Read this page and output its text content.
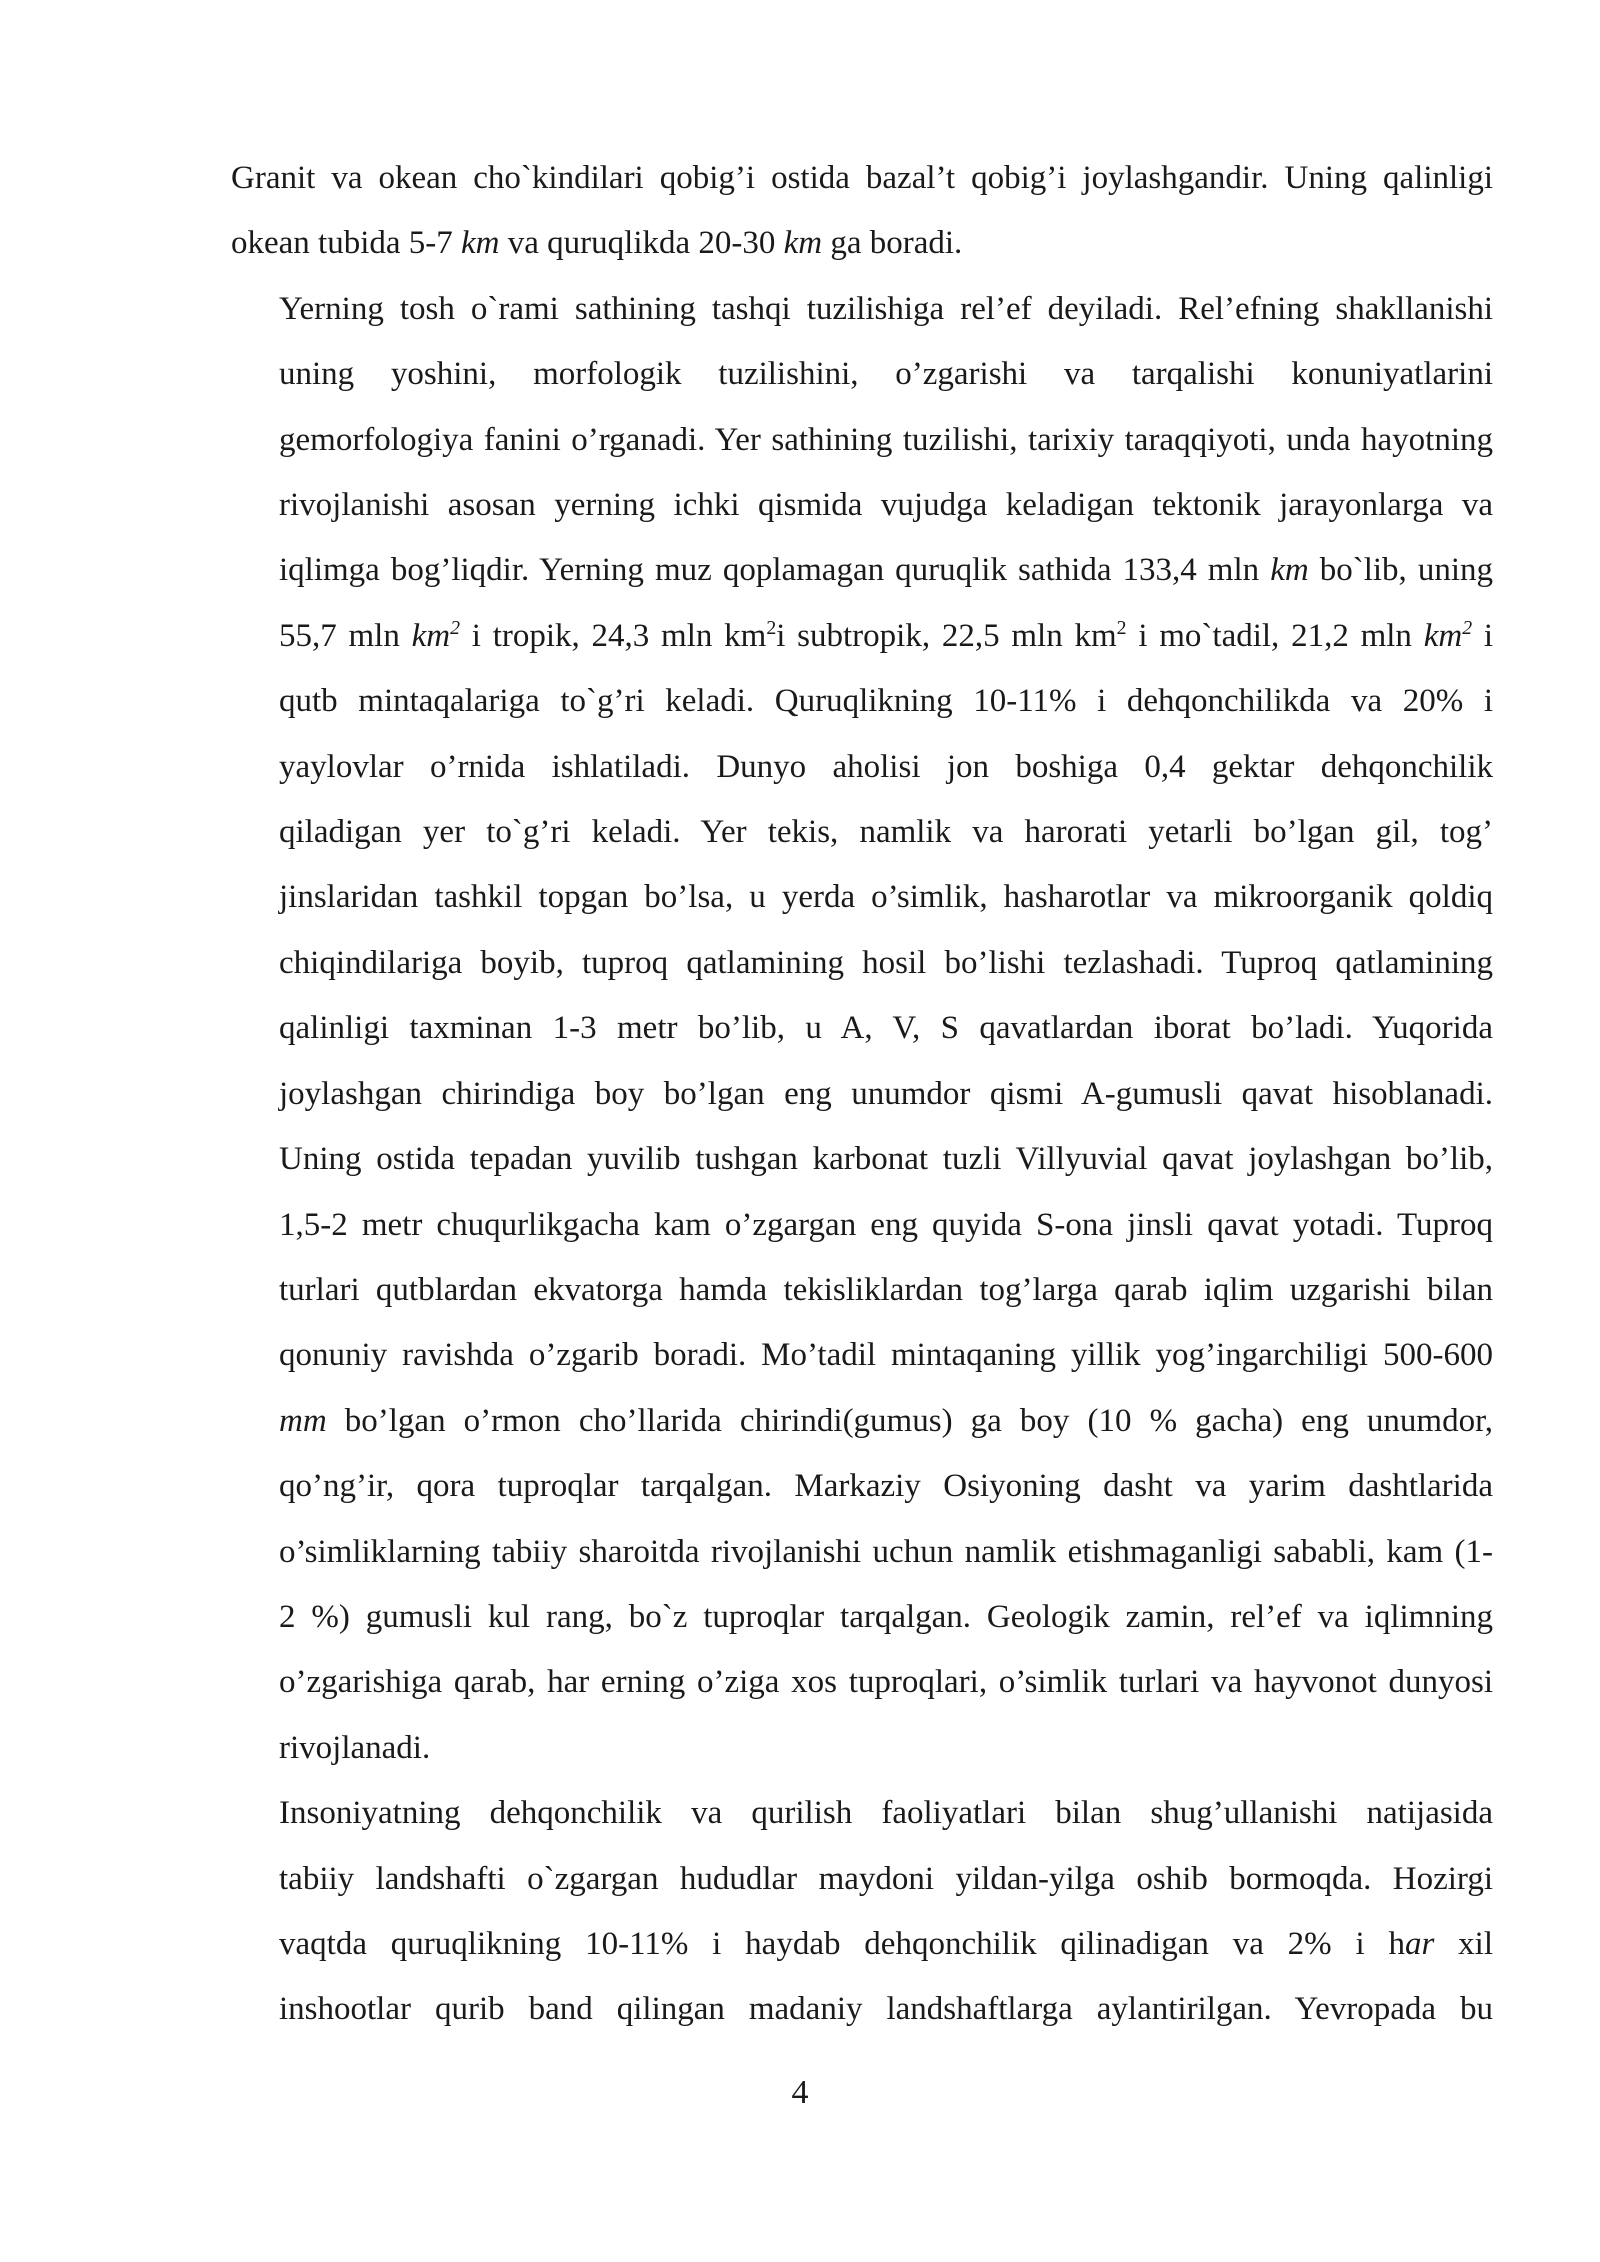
Granit va okean cho`kindilari qobig’i ostida bazal’t qobig’i joylashgandir. Uning qalinligi
okean tubida 5-7 km va quruqlikda 20-30 km ga boradi.
Yerning tosh o`rami sathining tashqi tuzilishiga rel’ef deyiladi. Rel’efning shakllanishi
uning yoshini, morfologik tuzilishini, o’zgarishi va tarqalishi konuniyatlarini
gemorfologiya fanini o’rganadi. Yer sathining tuzilishi, tarixiy taraqqiyoti, unda hayotning
rivojlanishi asosan yerning ichki qismida vujudga keladigan tektonik jarayonlarga va
iqlimga bog’liqdir. Yerning muz qoplamagan quruqlik sathida 133,4 mln km bo`lib, uning
55,7 mln $km^2$ i tropik, 24,3 mln $km^2i$ subtropik, 22,5 mln $km^2$ i mo`tadil, 21,2 mln $km^2$ i
qutb mintaqalariga to`g’ri keladi. Quruqlikning 10-11% i dehqonchilikda va 20% i
yaylovlar o’rnida ishlatiladi. Dunyo aholisi jon boshiga 0,4 gektar dehqonchilik
qiladigan yer to`g’ri keladi. Yer tekis, namlik va harorati yetarli bo’lgan gil, tog’
jinslaridan tashkil topgan bo’lsa, u yerda o’simlik, hasharotlar va mikroorganik qoldiq
chiqindilariga boyib, tuproq qatlamining hosil bo’lishi tezlashadi. Tuproq qatlamining
qalinligi taxminan 1-3 metr bo’lib, u A, V, S qavatlardan iborat bo’ladi. Yuqorida
joylashgan chirindiga boy bo’lgan eng unumdor qismi A-gumusli qavat hisoblanadi.
Uning ostida tepadan yuvilib tushgan karbonat tuzli Villyuvial qavat joylashgan bo’lib,
1,5-2 metr chuqurlikgacha kam o’zgargan eng quyida S-ona jinsli qavat yotadi. Tuproq
turlari qutblardan ekvatorga hamda tekisliklardan tog’larga qarab iqlim uzgarishi bilan
qonuniy ravishda o’zgarib boradi. Mo’tadil mintaqaning yillik yog’ingarchiligi 500-600
mm bo’lgan o’rmon cho’llarida chirindi(gumus) ga boy (10 % gacha) eng unumdor,
qo’ng’ir, qora tuproqlar tarqalgan. Markaziy Osiyoning dasht va yarim dashtlarida
o’simliklarning tabiiy sharoitda rivojlanishi uchun namlik etishmaganligi sababli, kam (1-
2 %) gumusli kul rang, bo`z tuproqlar tarqalgan. Geologik zamin, rel’ef va iqlimning
o’zgarishiga qarab, har erning o’ziga xos tuproqlari, o’simlik turlari va hayvonot dunyosi
rivojlanadi.
Insoniyatning dehqonchilik va qurilish faoliyatlari bilan shug’ullanishi natijasida
tabiiy landshafti o`zgargan hududlar maydoni yildan-yilga oshib bormoqda. Hozirgi
vaqtda quruqlikning 10-11% i haydab dehqonchilik qilinadigan va 2% i har xil
inshootlar qurib band qilingan madaniy landshaftlarga aylantirilgan. Yevropada bu
4
